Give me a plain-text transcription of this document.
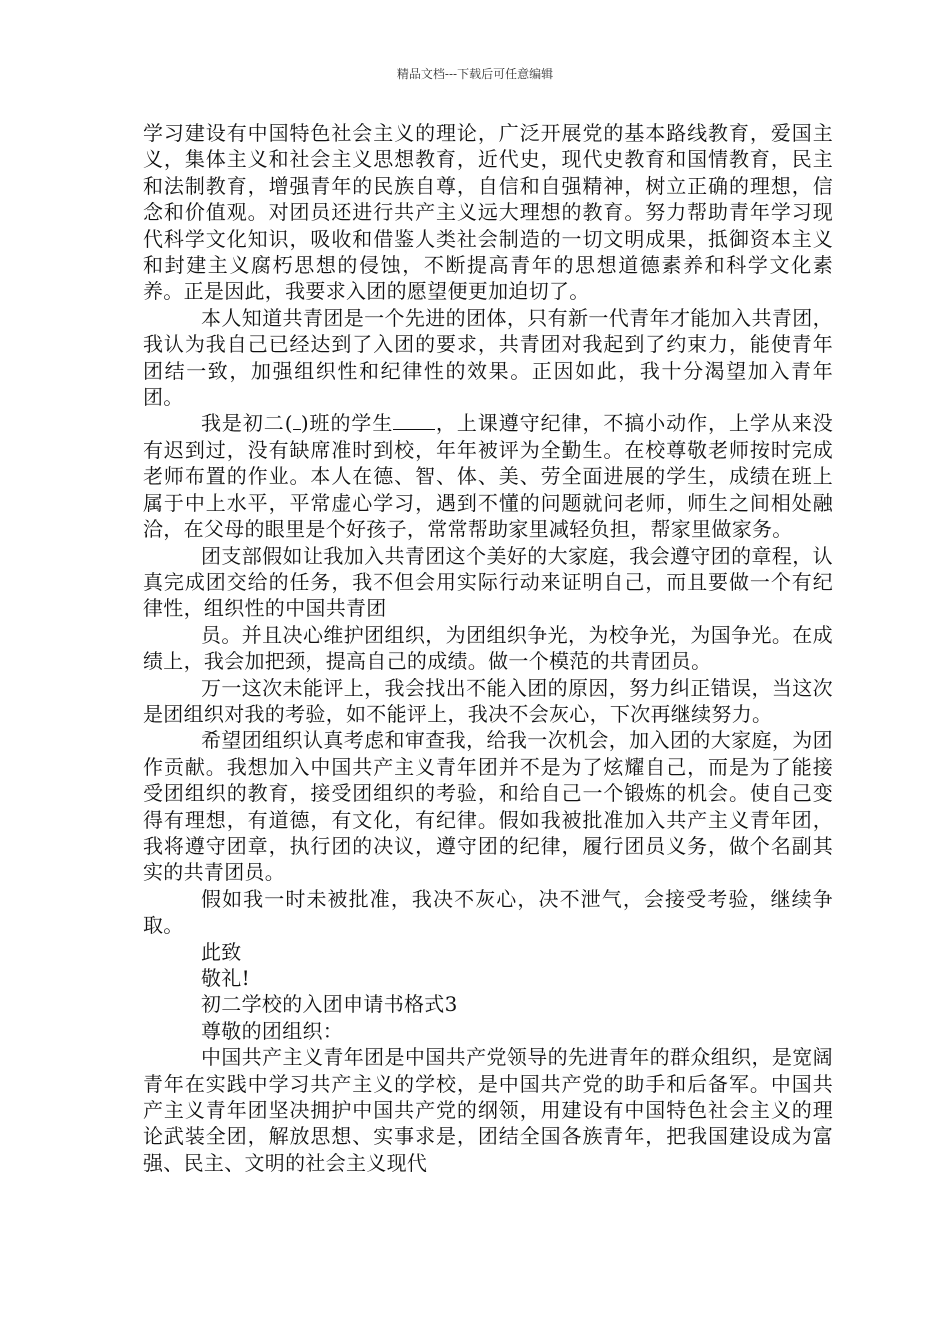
精品文档---下载后可任意编辑

学习建设有中国特色社会主义的理论，广泛开展党的基本路线教育，爱国主义，集体主义和社会主义思想教育，近代史，现代史教育和国情教育，民主和法制教育，增强青年的民族自尊，自信和自强精神，树立正确的理想，信念和价值观。对团员还进行共产主义远大理想的教育。努力帮助青年学习现代科学文化知识，吸收和借鉴人类社会制造的一切文明成果，抵御资本主义和封建主义腐朽思想的侵蚀，不断提高青年的思想道德素养和科学文化素养。正是因此，我要求入团的愿望便更加迫切了。

本人知道共青团是一个先进的团体，只有新一代青年才能加入共青团，我认为我自己已经达到了入团的要求，共青团对我起到了约束力，能使青年团结一致，加强组织性和纪律性的效果。正因如此，我十分渴望加入青年团。

我是初二( )班的学生 ，上课遵守纪律，不搞小动作，上学从来没有迟到过，没有缺席准时到校，年年被评为全勤生。在校尊敬老师按时完成老师布置的作业。本人在德、智、体、美、劳全面进展的学生，成绩在班上属于中上水平，平常虚心学习，遇到不懂的问题就问老师，师生之间相处融洽，在父母的眼里是个好孩子，常常帮助家里减轻负担，帮家里做家务。

团支部假如让我加入共青团这个美好的大家庭，我会遵守团的章程，认真完成团交给的任务，我不但会用实际行动来证明自己，而且要做一个有纪律性，组织性的中国共青团

员。并且决心维护团组织，为团组织争光，为校争光，为国争光。在成绩上，我会加把颈，提高自己的成绩。做一个模范的共青团员。

万一这次未能评上，我会找出不能入团的原因，努力纠正错误，当这次是团组织对我的考验，如不能评上，我决不会灰心，下次再继续努力。

希望团组织认真考虑和审查我，给我一次机会，加入团的大家庭，为团作贡献。我想加入中国共产主义青年团并不是为了炫耀自己，而是为了能接受团组织的教育，接受团组织的考验，和给自己一个锻炼的机会。使自己变得有理想，有道德，有文化，有纪律。假如我被批准加入共产主义青年团，我将遵守团章，执行团的决议，遵守团的纪律，履行团员义务，做个名副其实的共青团员。

假如我一时未被批准，我决不灰心，决不泄气，会接受考验，继续争取。

此致

敬礼!

初二学校的入团申请书格式3

尊敬的团组织：

中国共产主义青年团是中国共产党领导的先进青年的群众组织，是宽阔青年在实践中学习共产主义的学校，是中国共产党的助手和后备军。中国共产主义青年团坚决拥护中国共产党的纲领，用建设有中国特色社会主义的理论武装全团，解放思想、实事求是，团结全国各族青年，把我国建设成为富强、民主、文明的社会主义现代
